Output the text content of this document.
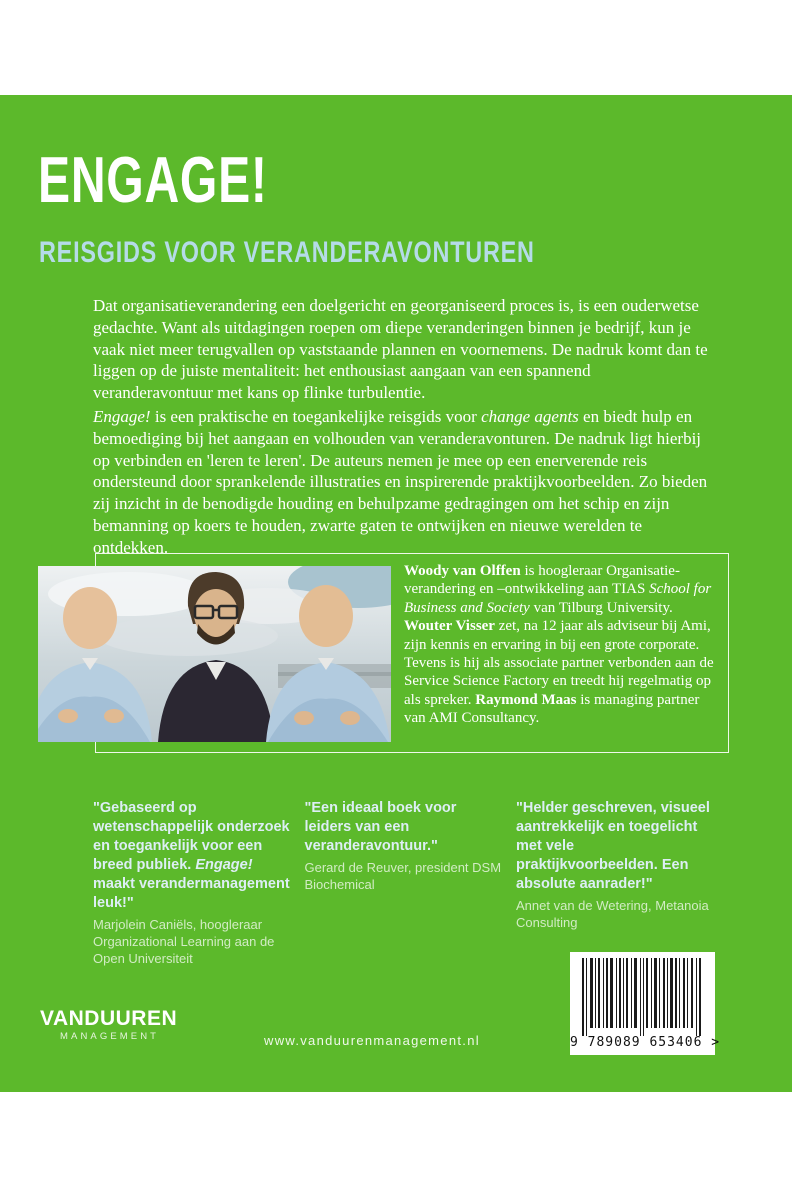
ENGAGE!
REISGIDS VOOR VERANDERAVONTUREN

Dat organisatieverandering een doelgericht en georganiseerd proces is, is een ouderwetse gedachte. Want als uitdagingen roepen om diepe veranderingen binnen je bedrijf, kun je vaak niet meer terugvallen op vaststaande plannen en voornemens. De nadruk komt dan te liggen op de juiste mentaliteit: het enthousiast aangaan van een spannend veranderavontuur met kans op flinke turbulentie.

Engage! is een praktische en toegankelijke reisgids voor change agents en biedt hulp en bemoediging bij het aangaan en volhouden van veranderavonturen. De nadruk ligt hierbij op verbinden en 'leren te leren'. De auteurs nemen je mee op een enerverende reis ondersteund door sprankelende illustraties en inspirerende praktijkvoorbeelden. Zo bieden zij inzicht in de benodigde houding en behulpzame gedragingen om het schip en zijn bemanning op koers te houden, zwarte gaten te ontwijken en nieuwe werelden te ontdekken.

Woody van Olffen is hoogleraar Organisatieverandering en –ontwikkeling aan TIAS School for Business and Society van Tilburg University. Wouter Visser zet, na 12 jaar als adviseur bij Ami, zijn kennis en ervaring in bij een grote corporate. Tevens is hij als associate partner verbonden aan de Service Science Factory en treedt hij regelmatig op als spreker. Raymond Maas is managing partner van AMI Consultancy.

"Gebaseerd op wetenschappelijk onderzoek en toegankelijk voor een breed publiek. Engage! maakt verandermanagement leuk!"

Marjolein Caniëls, hoogleraar Organizational Learning aan de Open Universiteit

"Een ideaal boek voor leiders van een veranderavontuur."

Gerard de Reuver, president DSM Biochemical

"Helder geschreven, visueel aantrekkelijk en toegelicht met vele praktijkvoorbeelden. Een absolute aanrader!"

Annet van de Wetering, Metanoia Consulting

VANDUUREN
MANAGEMENT	www.vanduurenmanagement.nl	9 789089 653406 >
